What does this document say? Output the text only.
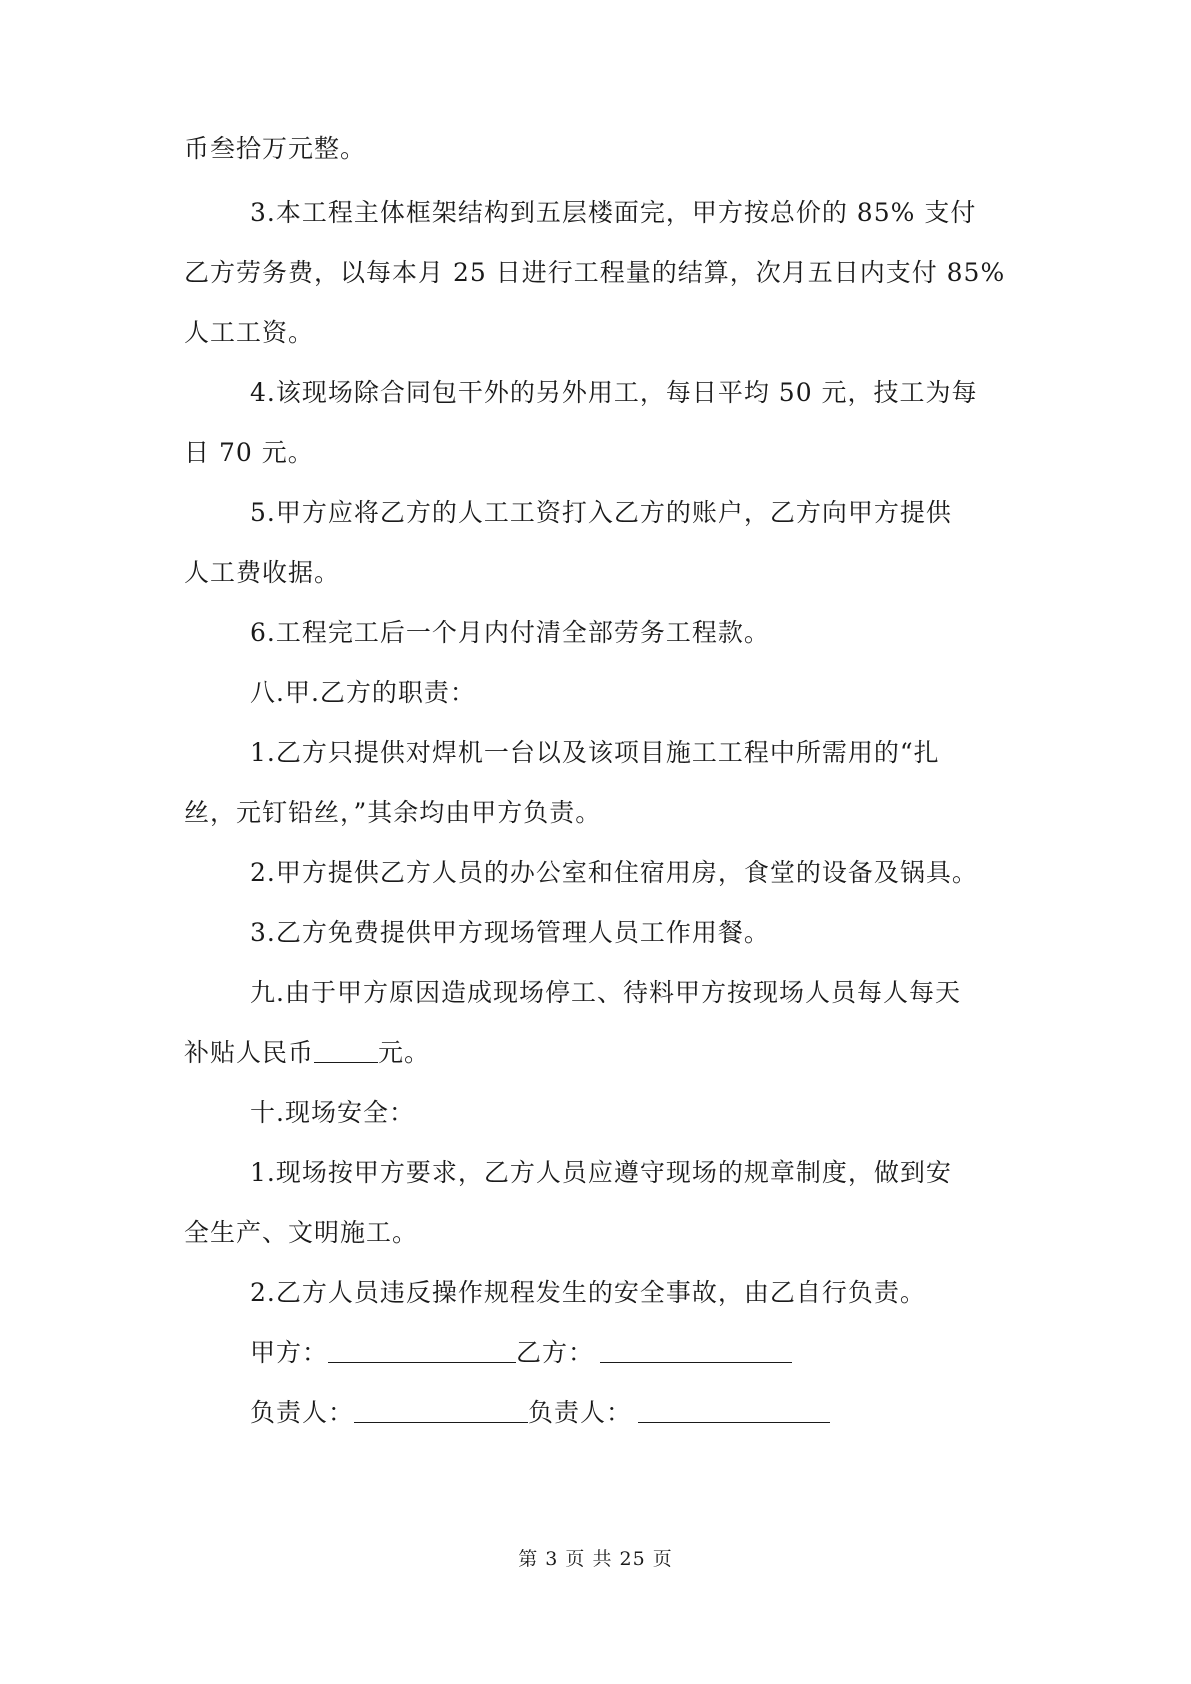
币叁拾万元整。
3.本工程主体框架结构到五层楼面完，甲方按总价的 85% 支付
乙方劳务费，以每本月 25 日进行工程量的结算，次月五日内支付 85%
人工工资。
4.该现场除合同包干外的另外用工，每日平均 50 元，技工为每
日 70 元。
5.甲方应将乙方的人工工资打入乙方的账户，乙方向甲方提供
人工费收据。
6.工程完工后一个月内付清全部劳务工程款。
八.甲.乙方的职责：
1.乙方只提供对焊机一台以及该项目施工工程中所需用的“扎
丝，元钉铅丝，”其余均由甲方负责。
2.甲方提供乙方人员的办公室和住宿用房，食堂的设备及锅具。
3.乙方免费提供甲方现场管理人员工作用餐。
九.由于甲方原因造成现场停工、待料甲方按现场人员每人每天
补贴人民币	元。
十.现场安全：
1.现场按甲方要求，乙方人员应遵守现场的规章制度，做到安
全生产、文明施工。
2.乙方人员违反操作规程发生的安全事故，由乙自行负责。
甲方：	乙方：
负责人：	负责人：
第 3 页 共 25 页
